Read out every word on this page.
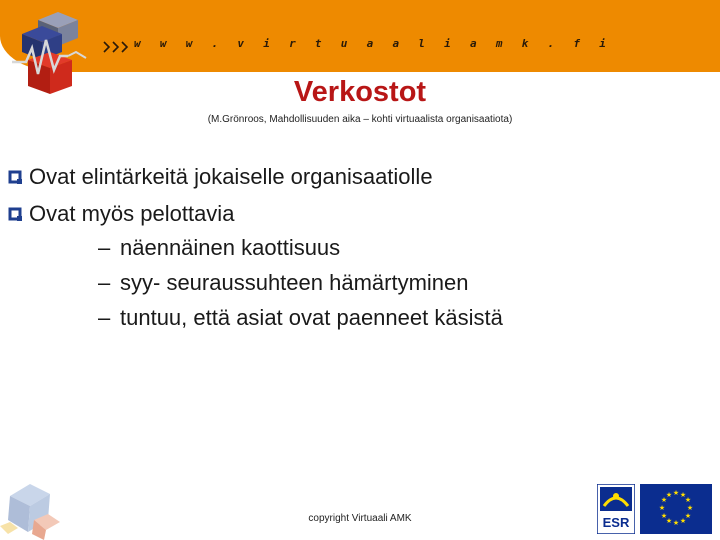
w w w . v i r t u a a l i a m k . f i
Verkostot
(M.Grönroos, Mahdollisuuden aika – kohti virtuaalista organisaatiota)
Ovat elintärkeitä jokaiselle organisaatiolle
Ovat myös pelottavia
– näennäinen kaottisuus
– syy- seuraussuhteen hämärtyminen
– tuntuu, että asiat ovat paenneet käsistä
copyright Virtuaali AMK	ESR
★ ★
★
★
★
★
★
★
★
★
★
★
